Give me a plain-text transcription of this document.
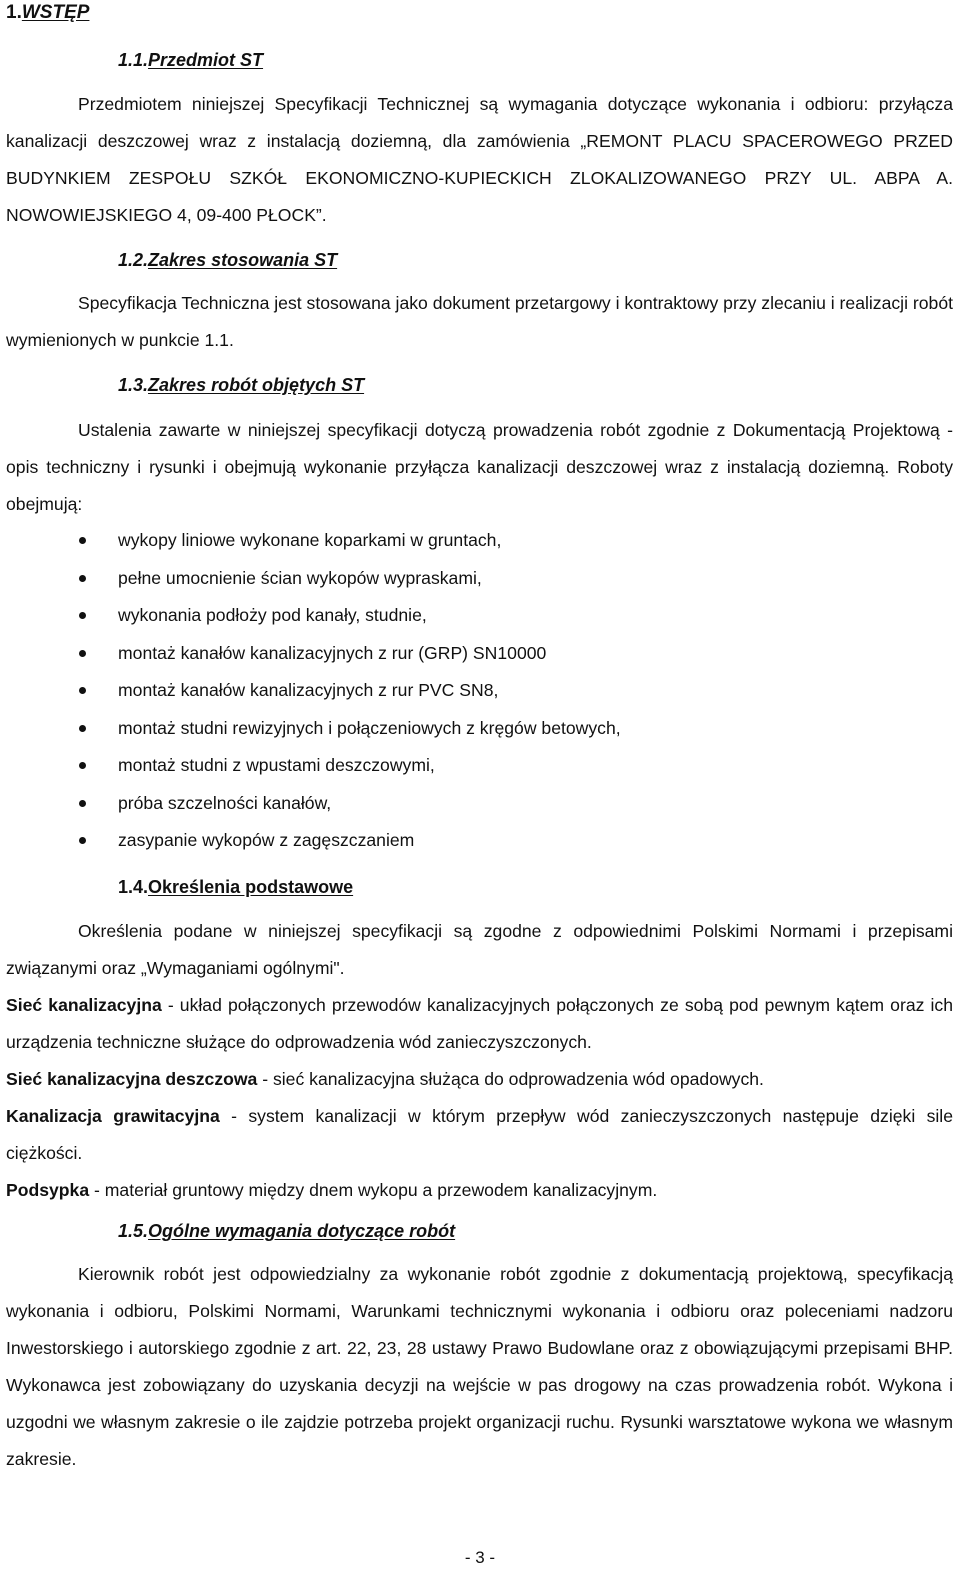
1.WSTĘP
1.1.Przedmiot ST

Przedmiotem niniejszej Specyfikacji Technicznej są wymagania dotyczące wykonania i odbioru: przyłącza kanalizacji deszczowej wraz z instalacją doziemną, dla zamówienia „REMONT PLACU SPACEROWEGO PRZED BUDYNKIEM ZESPOŁU SZKÓŁ EKONOMICZNO-KUPIECKICH ZLOKALIZOWANEGO PRZY UL. ABPA A. NOWOWIEJSKIEGO 4, 09-400 PŁOCK”.

1.2.Zakres stosowania ST

Specyfikacja Techniczna jest stosowana jako dokument przetargowy i kontraktowy przy zlecaniu i realizacji robót wymienionych w punkcie 1.1.

1.3.Zakres robót objętych ST

Ustalenia zawarte w niniejszej specyfikacji dotyczą prowadzenia robót zgodnie z Dokumentacją Projektową - opis techniczny i rysunki i obejmują wykonanie przyłącza kanalizacji deszczowej wraz z instalacją doziemną. Roboty obejmują:

wykopy liniowe wykonane koparkami w gruntach,
pełne umocnienie ścian wykopów wypraskami,
wykonania podłoży pod kanały, studnie,
montaż kanałów kanalizacyjnych z rur (GRP) SN10000
montaż kanałów kanalizacyjnych z rur PVC SN8,
montaż studni rewizyjnych i połączeniowych z kręgów betowych,
montaż studni z wpustami deszczowymi,
próba szczelności kanałów,
zasypanie wykopów z zagęszczaniem
1.4.Określenia podstawowe

Określenia podane w niniejszej specyfikacji są zgodne z odpowiednimi Polskimi Normami i przepisami związanymi oraz „Wymaganiami ogólnymi".

Sieć kanalizacyjna - układ połączonych przewodów kanalizacyjnych połączonych ze sobą pod pewnym kątem oraz ich urządzenia techniczne służące do odprowadzenia wód zanieczyszczonych.

Sieć kanalizacyjna deszczowa - sieć kanalizacyjna służąca do odprowadzenia wód opadowych.

Kanalizacja grawitacyjna - system kanalizacji w którym przepływ wód zanieczyszczonych następuje dzięki sile ciężkości.

Podsypka - materiał gruntowy między dnem wykopu a przewodem kanalizacyjnym.

1.5.Ogólne wymagania dotyczące robót

Kierownik robót jest odpowiedzialny za wykonanie robót zgodnie z dokumentacją projektową, specyfikacją wykonania i odbioru, Polskimi Normami, Warunkami technicznymi wykonania i odbioru oraz poleceniami nadzoru Inwestorskiego i autorskiego zgodnie z art. 22, 23, 28 ustawy Prawo Budowlane oraz z obowiązującymi przepisami BHP. Wykonawca jest zobowiązany do uzyskania decyzji na wejście w pas drogowy na czas prowadzenia robót. Wykona i uzgodni we własnym zakresie o ile zajdzie potrzeba projekt organizacji ruchu. Rysunki warsztatowe wykona we własnym zakresie.

- 3 -
